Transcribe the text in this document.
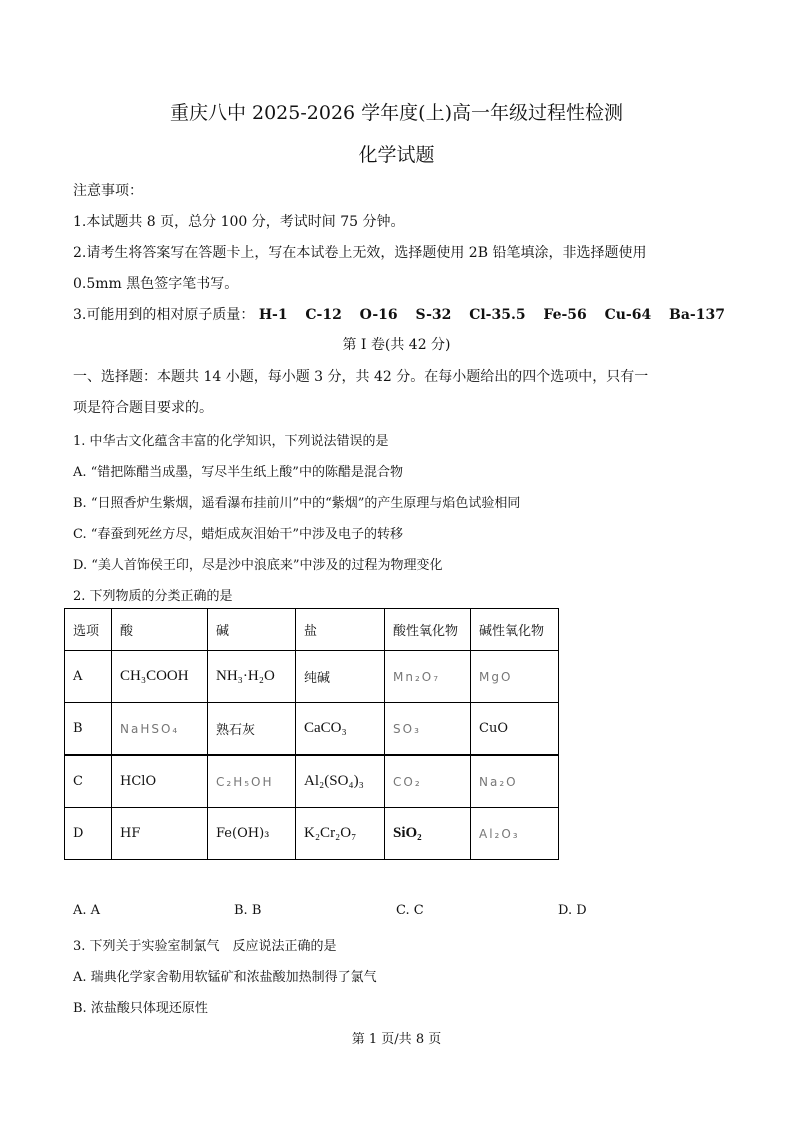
重庆八中 2025-2026 学年度(上)高一年级过程性检测
化学试题
注意事项：
1.本试题共 8 页，总分 100 分，考试时间 75 分钟。
2.请考生将答案写在答题卡上，写在本试卷上无效，选择题使用 2B 铅笔填涂，非选择题使用
0.5mm 黑色签字笔书写。
3.可能用到的相对原子质量： H-1 C-12 O-16 S-32 Cl-35.5 Fe-56 Cu-64 Ba-137
第 I 卷(共 42 分)
一、选择题：本题共 14 小题，每小题 3 分，共 42 分。在每小题给出的四个选项中，只有一
项是符合题目要求的。
1. 中华古文化蕴含丰富的化学知识，下列说法错误的是
A. “错把陈醋当成墨，写尽半生纸上酸”中的陈醋是混合物
B. “日照香炉生紫烟，遥看瀑布挂前川”中的“紫烟”的产生原理与焰色试验相同
C. “春蚕到死丝方尽，蜡炬成灰泪始干”中涉及电子的转移
D. “美人首饰侯王印，尽是沙中浪底来”中涉及的过程为物理变化
2. 下列物质的分类正确的是
选项	酸	碱	盐	酸性氧化物	碱性氧化物
A	CH₃COOH	NH₃·H₂O	纯碱	Mn₂O₇	MgO
B	NaHSO₄	熟石灰	CaCO₃	SO₃	CuO
C	HClO	C₂H₅OH	Al₂(SO₄)₃	CO₂	Na₂O
D	HF	Fe(OH)₃	K₂Cr₂O₇	SiO₂	Al₂O₃
A. A	B. B	C. C	D. D
3. 下列关于实验室制氯气　反应说法正确的是
A. 瑞典化学家舍勒用软锰矿和浓盐酸加热制得了氯气
B. 浓盐酸只体现还原性
第 1 页/共 8 页
